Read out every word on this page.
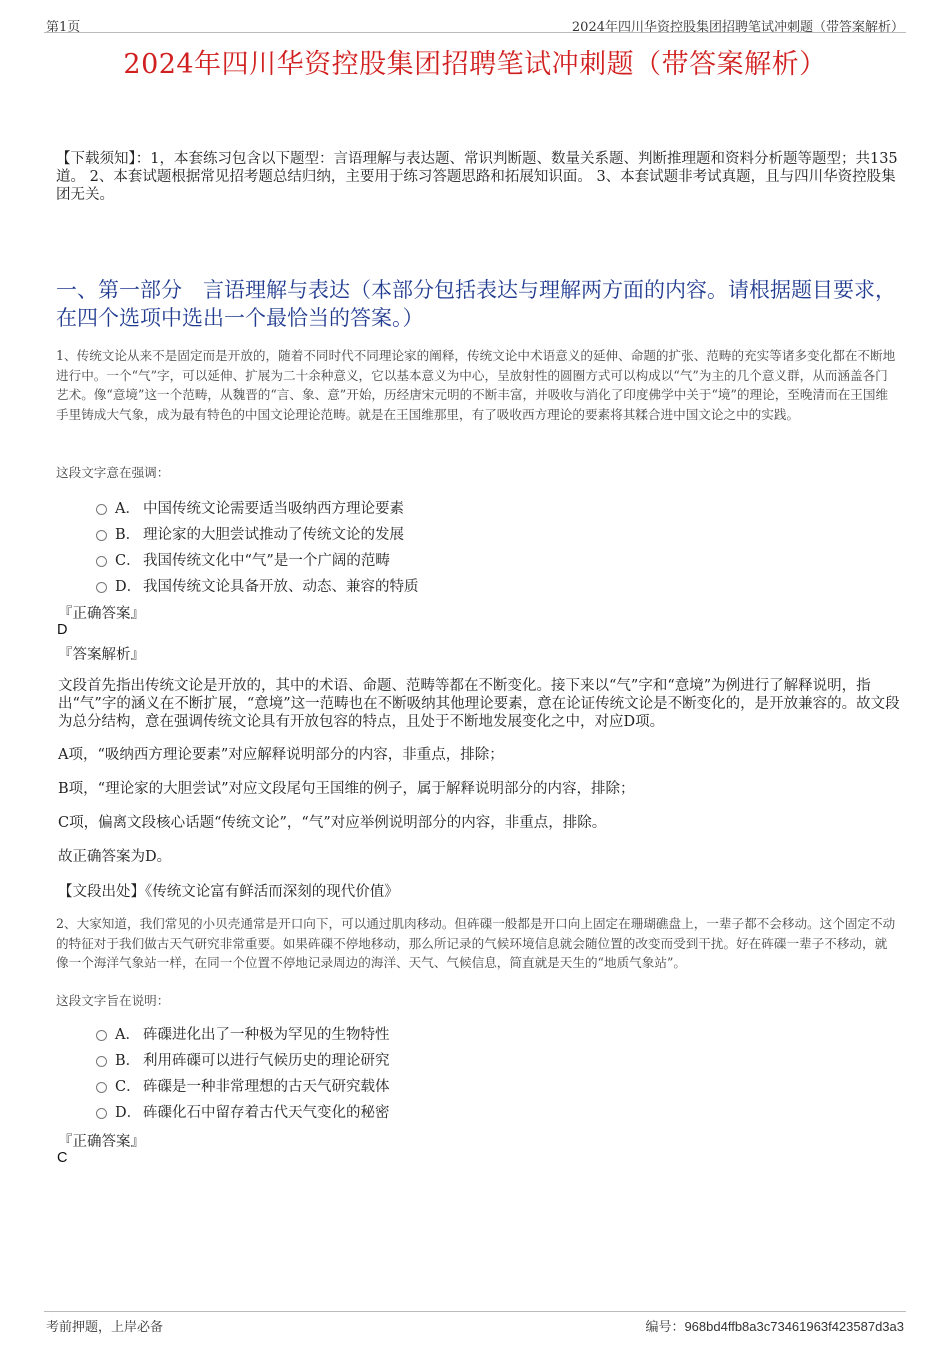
第1页	2024年四川华资控股集团招聘笔试冲刺题（带答案解析）
2024年四川华资控股集团招聘笔试冲刺题（带答案解析）
【下载须知】：1，本套练习包含以下题型：言语理解与表达题、常识判断题、数量关系题、判断推理题和资料分析题等题型；共135道。 2、本套试题根据常见招考题总结归纳，主要用于练习答题思路和拓展知识面。 3、本套试题非考试真题，且与四川华资控股集团无关。
一、第一部分　言语理解与表达（本部分包括表达与理解两方面的内容。请根据题目要求，在四个选项中选出一个最恰当的答案。）
1、传统文论从来不是固定而是开放的，随着不同时代不同理论家的阐释，传统文论中术语意义的延伸、命题的扩张、范畴的充实等诸多变化都在不断地进行中。一个“气”字，可以延伸、扩展为二十余种意义，它以基本意义为中心，呈放射性的圆圈方式可以构成以“气”为主的几个意义群，从而涵盖各门艺术。像“意境”这一个范畴，从魏晋的“言、象、意”开始，历经唐宋元明的不断丰富，并吸收与消化了印度佛学中关于“境”的理论，至晚清而在王国维手里铸成大气象，成为最有特色的中国文论理论范畴。就是在王国维那里，有了吸收西方理论的要素将其糅合进中国文论之中的实践。
这段文字意在强调：
A． 中国传统文论需要适当吸纳西方理论要素
B． 理论家的大胆尝试推动了传统文论的发展
C． 我国传统文化中“气”是一个广阔的范畴
D． 我国传统文论具备开放、动态、兼容的特质
『正确答案』
D
『答案解析』
文段首先指出传统文论是开放的，其中的术语、命题、范畴等都在不断变化。接下来以“气”字和“意境”为例进行了解释说明，指出“气”字的涵义在不断扩展，“意境”这一范畴也在不断吸纳其他理论要素，意在论证传统文论是不断变化的，是开放兼容的。故文段为总分结构，意在强调传统文论具有开放包容的特点，且处于不断地发展变化之中，对应D项。
A项，“吸纳西方理论要素”对应解释说明部分的内容，非重点，排除；
B项，“理论家的大胆尝试”对应文段尾句王国维的例子，属于解释说明部分的内容，排除；
C项，偏离文段核心话题“传统文论”，“气”对应举例说明部分的内容，非重点，排除。
故正确答案为D。
【文段出处】《传统文论富有鲜活而深刻的现代价值》
2、大家知道，我们常见的小贝壳通常是开口向下，可以通过肌肉移动。但砗磲一般都是开口向上固定在珊瑚礁盘上，一辈子都不会移动。这个固定不动的特征对于我们做古天气研究非常重要。如果砗磲不停地移动，那么所记录的气候环境信息就会随位置的改变而受到干扰。好在砗磲一辈子不移动，就像一个海洋气象站一样，在同一个位置不停地记录周边的海洋、天气、气候信息，简直就是天生的“地质气象站”。
这段文字旨在说明：
A． 砗磲进化出了一种极为罕见的生物特性
B． 利用砗磲可以进行气候历史的理论研究
C． 砗磲是一种非常理想的古天气研究载体
D． 砗磲化石中留存着古代天气变化的秘密
『正确答案』
C
考前押题，上岸必备	编号：968bd4ffb8a3c73461963f423587d3a3
